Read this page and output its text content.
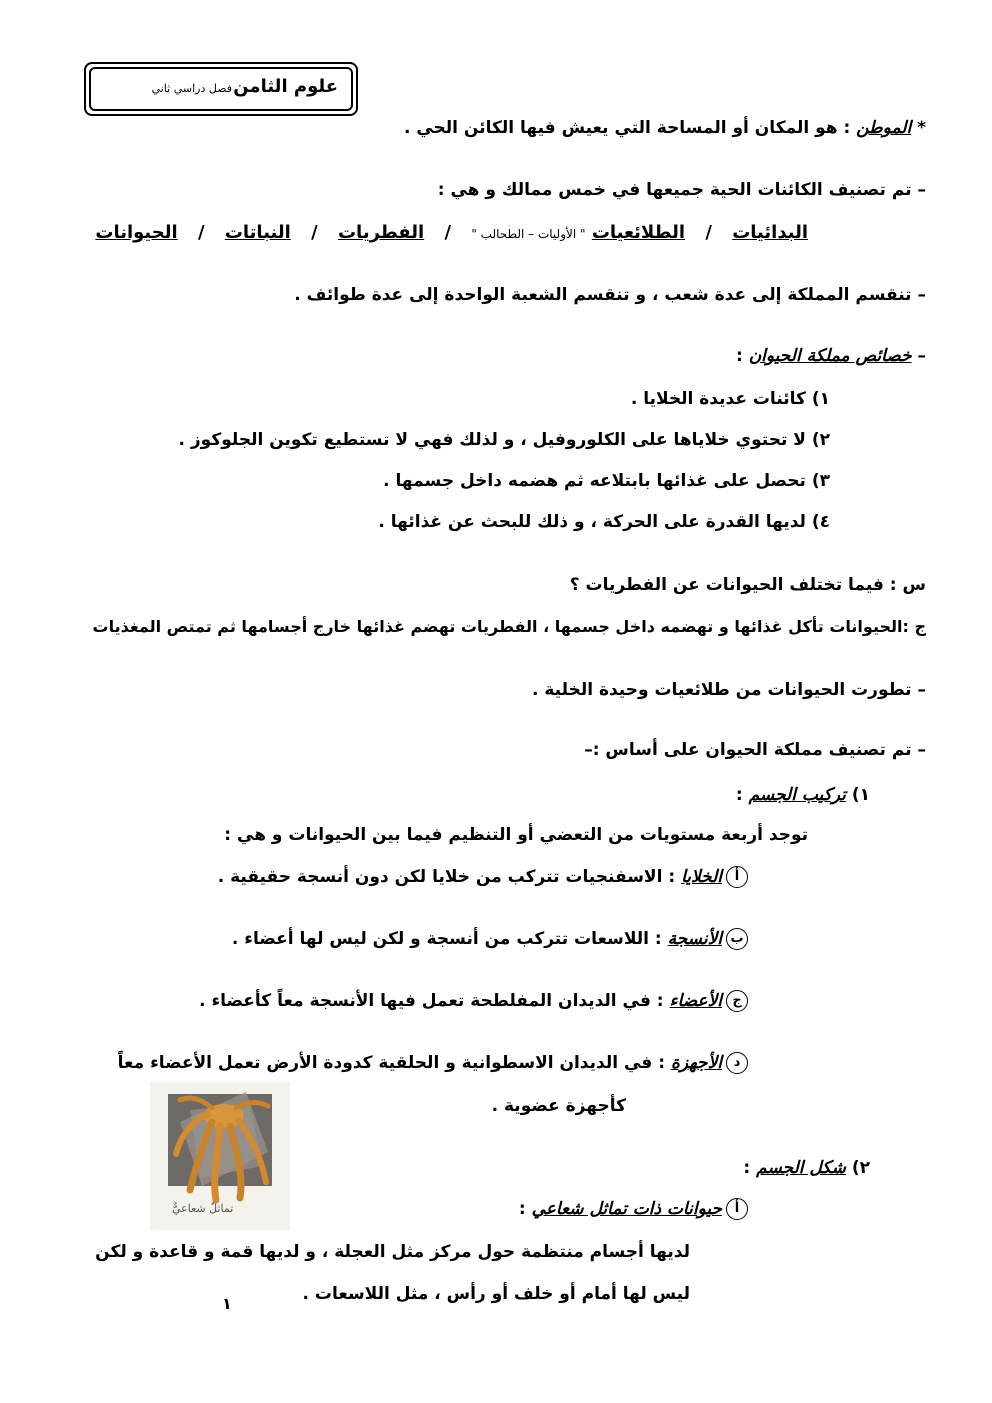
علوم الثامن
فصل دراسي ثاني
* الموطن : هو المكان أو المساحة التي يعيش فيها الكائن الحي .
– تم تصنيف الكائنات الحية جميعها في خمس ممالك و هي :
البدائيات / الطلائعيات " الأوليات – الطحالب " / الفطريات / النباتات / الحيوانات
– تنقسم المملكة إلى عدة شعب ، و تنقسم الشعبة الواحدة إلى عدة طوائف .
– خصائص مملكة الحيوان :
١) كائنات عديدة الخلايا .
٢) لا تحتوي خلاياها على الكلوروفيل ، و لذلك فهي لا تستطيع تكوين الجلوكوز .
٣) تحصل على غذائها بابتلاعه ثم هضمه داخل جسمها .
٤) لديها القدرة على الحركة ، و ذلك للبحث عن غذائها .
س : فيما تختلف الحيوانات عن الفطريات ؟
ج :الحيوانات تأكل غذائها و تهضمه داخل جسمها ، الفطريات تهضم غذائها خارج أجسامها ثم تمتص المغذيات
– تطورت الحيوانات من طلائعيات وحيدة الخلية .
– تم تصنيف مملكة الحيوان على أساس :–
١) تركيب الجسم :
توجد أربعة مستويات من التعضي أو التنظيم فيما بين الحيوانات و هي :
أالخلايا : الاسفنجيات تتركب من خلايا لكن دون أنسجة حقيقية .
بالأنسجة : اللاسعات تتركب من أنسجة و لكن ليس لها أعضاء .
جالأعضاء : في الديدان المفلطحة تعمل فيها الأنسجة معاً كأعضاء .
دالأجهزة : في الديدان الاسطوانية و الحلقية كدودة الأرض تعمل الأعضاء معاً
كأجهزة عضوية .
تماثلٌ شعاعيٌّ
٢) شكل الجسم :
أحيوانات ذات تماثل شعاعي :
لديها أجسام منتظمة حول مركز مثل العجلة ، و لديها قمة و قاعدة و لكن
ليس لها أمام أو خلف أو رأس ، مثل اللاسعات .
١
